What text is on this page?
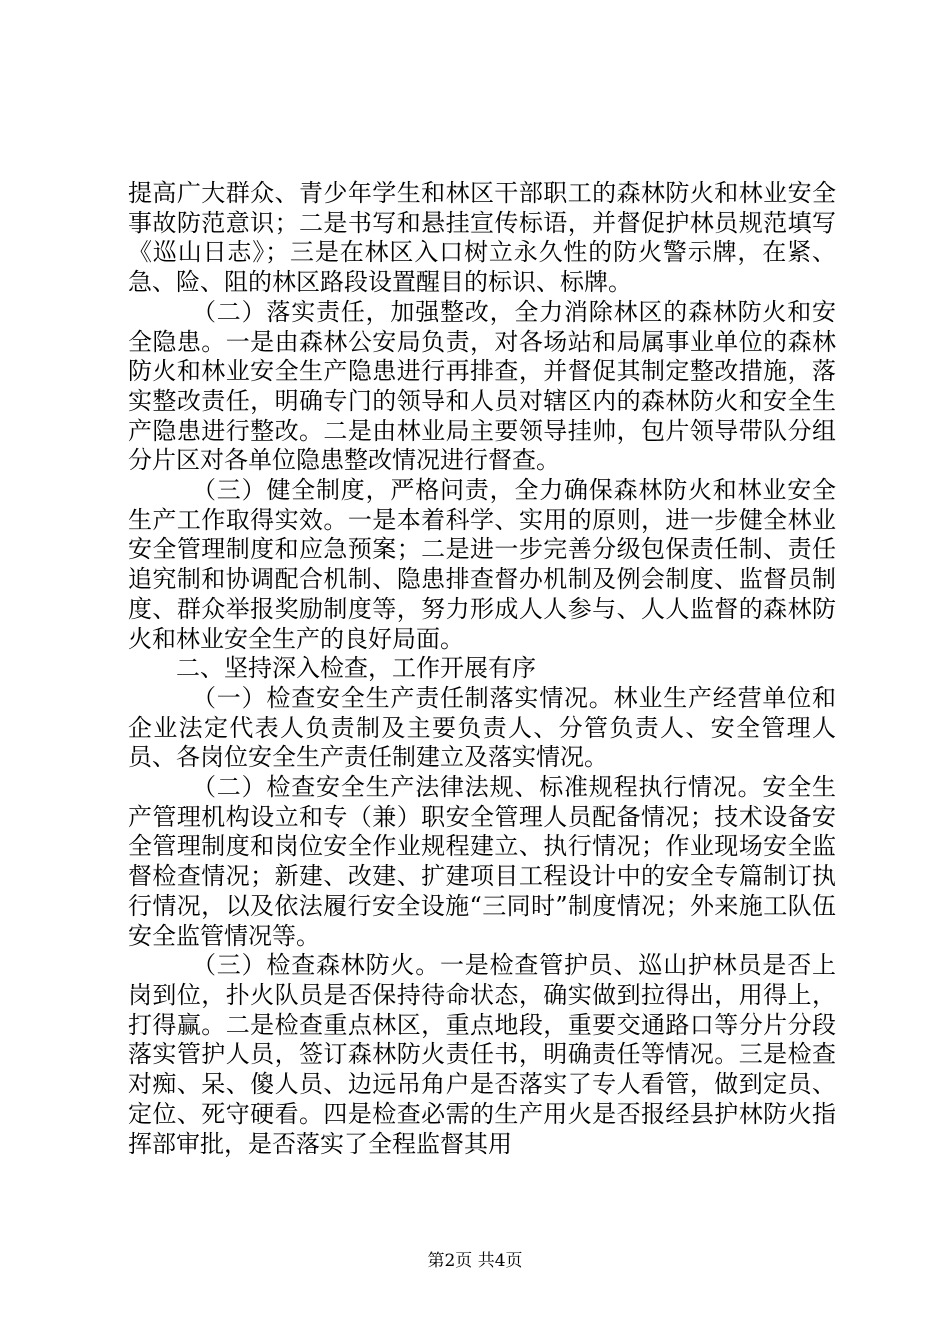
提高广大群众、青少年学生和林区干部职工的森林防火和林业安全事故防范意识；二是书写和悬挂宣传标语，并督促护林员规范填写《巡山日志》；三是在林区入口树立永久性的防火警示牌，在紧、急、险、阻的林区路段设置醒目的标识、标牌。

（二）落实责任，加强整改，全力消除林区的森林防火和安全隐患。一是由森林公安局负责，对各场站和局属事业单位的森林防火和林业安全生产隐患进行再排查，并督促其制定整改措施，落实整改责任，明确专门的领导和人员对辖区内的森林防火和安全生产隐患进行整改。二是由林业局主要领导挂帅，包片领导带队分组分片区对各单位隐患整改情况进行督查。

（三）健全制度，严格问责，全力确保森林防火和林业安全生产工作取得实效。一是本着科学、实用的原则，进一步健全林业安全管理制度和应急预案；二是进一步完善分级包保责任制、责任追究制和协调配合机制、隐患排查督办机制及例会制度、监督员制度、群众举报奖励制度等，努力形成人人参与、人人监督的森林防火和林业安全生产的良好局面。

二、坚持深入检查，工作开展有序

（一）检查安全生产责任制落实情况。林业生产经营单位和企业法定代表人负责制及主要负责人、分管负责人、安全管理人员、各岗位安全生产责任制建立及落实情况。

（二）检查安全生产法律法规、标准规程执行情况。安全生产管理机构设立和专（兼）职安全管理人员配备情况；技术设备安全管理制度和岗位安全作业规程建立、执行情况；作业现场安全监督检查情况；新建、改建、扩建项目工程设计中的安全专篇制订执行情况，以及依法履行安全设施“三同时”制度情况；外来施工队伍安全监管情况等。

（三）检查森林防火。一是检查管护员、巡山护林员是否上岗到位，扑火队员是否保持待命状态，确实做到拉得出，用得上，打得赢。二是检查重点林区，重点地段，重要交通路口等分片分段落实管护人员，签订森林防火责任书，明确责任等情况。三是检查对痴、呆、傻人员、边远吊角户是否落实了专人看管，做到定员、定位、死守硬看。四是检查必需的生产用火是否报经县护林防火指挥部审批，是否落实了全程监督其用

第2页 共4页
